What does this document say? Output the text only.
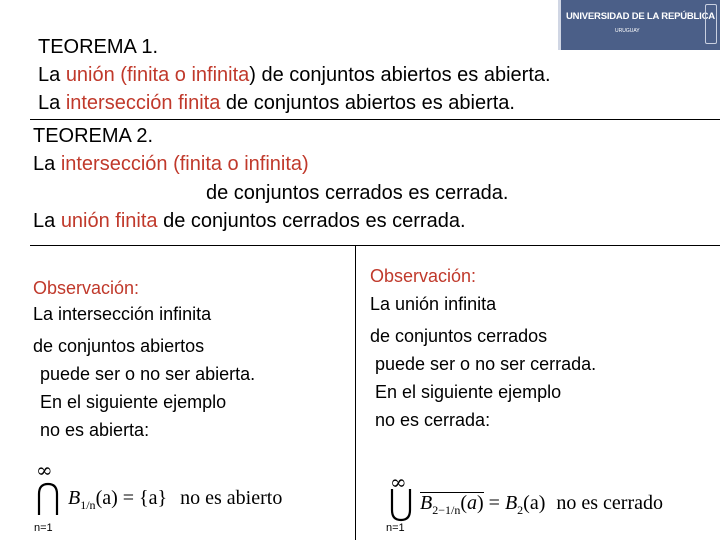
UNIVERSIDAD DE LA REPÚBLICA
URUGUAY
TEOREMA 1.
La unión (finita o infinita) de conjuntos abiertos es abierta.
La intersección finita de conjuntos abiertos es abierta.
TEOREMA 2.
La intersección (finita o infinita)
de conjuntos cerrados es cerrada.
La unión finita de conjuntos cerrados es cerrada.
Observación:
La intersección infinita
de conjuntos abiertos
puede ser o no ser abierta.
En el siguiente ejemplo
no es abierta:
Observación:
La unión infinita
de conjuntos cerrados
puede ser o no ser cerrada.
En el siguiente ejemplo
no es cerrada:
∞
n=1
$B_{1/n}(a) = \{a\}$ no es abierto
∞
n=1
$B_{2-1/n}(a) = B_2(a)$ no es cerrado
